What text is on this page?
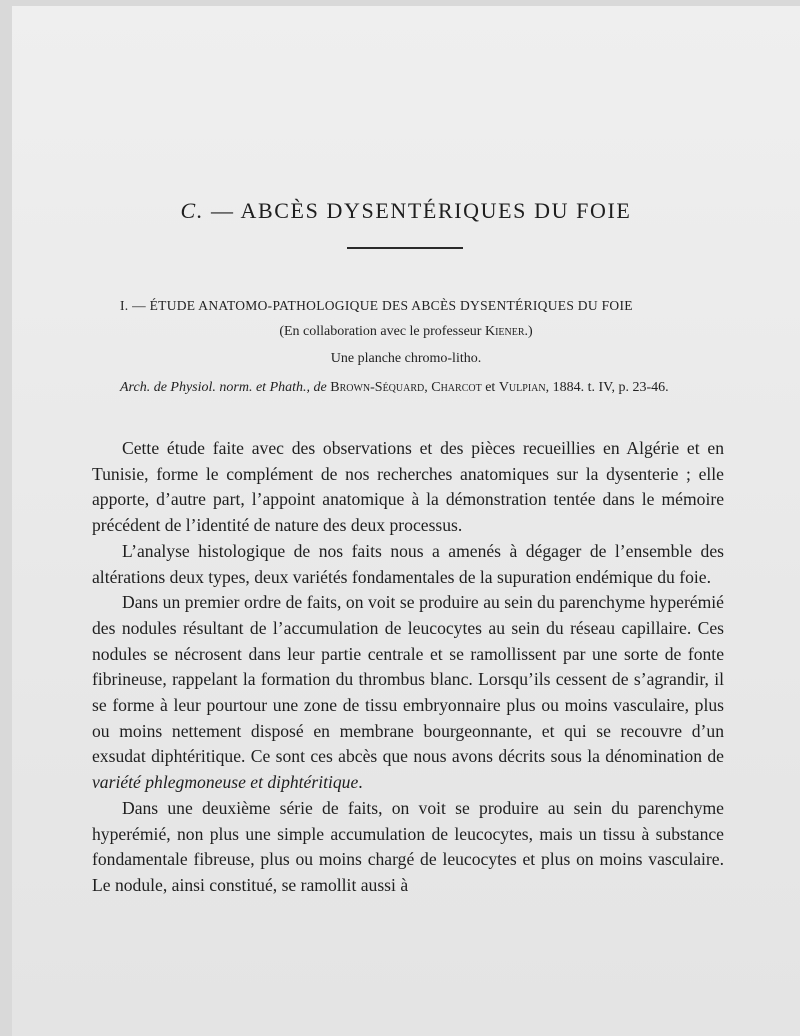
C. — ABCÈS DYSENTÉRIQUES DU FOIE
I. — ÉTUDE ANATOMO-PATHOLOGIQUE DES ABCÈS DYSENTÉRIQUES DU FOIE
(En collaboration avec le professeur Kiener.)
Une planche chromo-litho.
Arch. de Physiol. norm. et Phath., de Brown-Séquard, Charcot et Vulpian, 1884. t. IV, p. 23-46.

Cette étude faite avec des observations et des pièces recueillies en Algérie et en Tunisie, forme le complément de nos recherches anatomiques sur la dysenterie ; elle apporte, d’autre part, l’appoint anatomique à la démonstration tentée dans le mémoire précédent de l’identité de nature des deux processus.

L’analyse histologique de nos faits nous a amenés à dégager de l’ensemble des altérations deux types, deux variétés fondamentales de la supuration endémique du foie.

Dans un premier ordre de faits, on voit se produire au sein du parenchyme hyperémié des nodules résultant de l’accumulation de leucocytes au sein du réseau capillaire. Ces nodules se nécrosent dans leur partie centrale et se ramollissent par une sorte de fonte fibrineuse, rappelant la formation du thrombus blanc. Lorsqu’ils cessent de s’agrandir, il se forme à leur pourtour une zone de tissu embryonnaire plus ou moins vasculaire, plus ou moins nettement disposé en membrane bourgeonnante, et qui se recouvre d’un exsudat diphtéritique. Ce sont ces abcès que nous avons décrits sous la dénomination de variété phlegmoneuse et diphtéritique.

Dans une deuxième série de faits, on voit se produire au sein du parenchyme hyperémié, non plus une simple accumulation de leucocytes, mais un tissu à substance fondamentale fibreuse, plus ou moins chargé de leucocytes et plus on moins vasculaire. Le nodule, ainsi constitué, se ramollit aussi à
